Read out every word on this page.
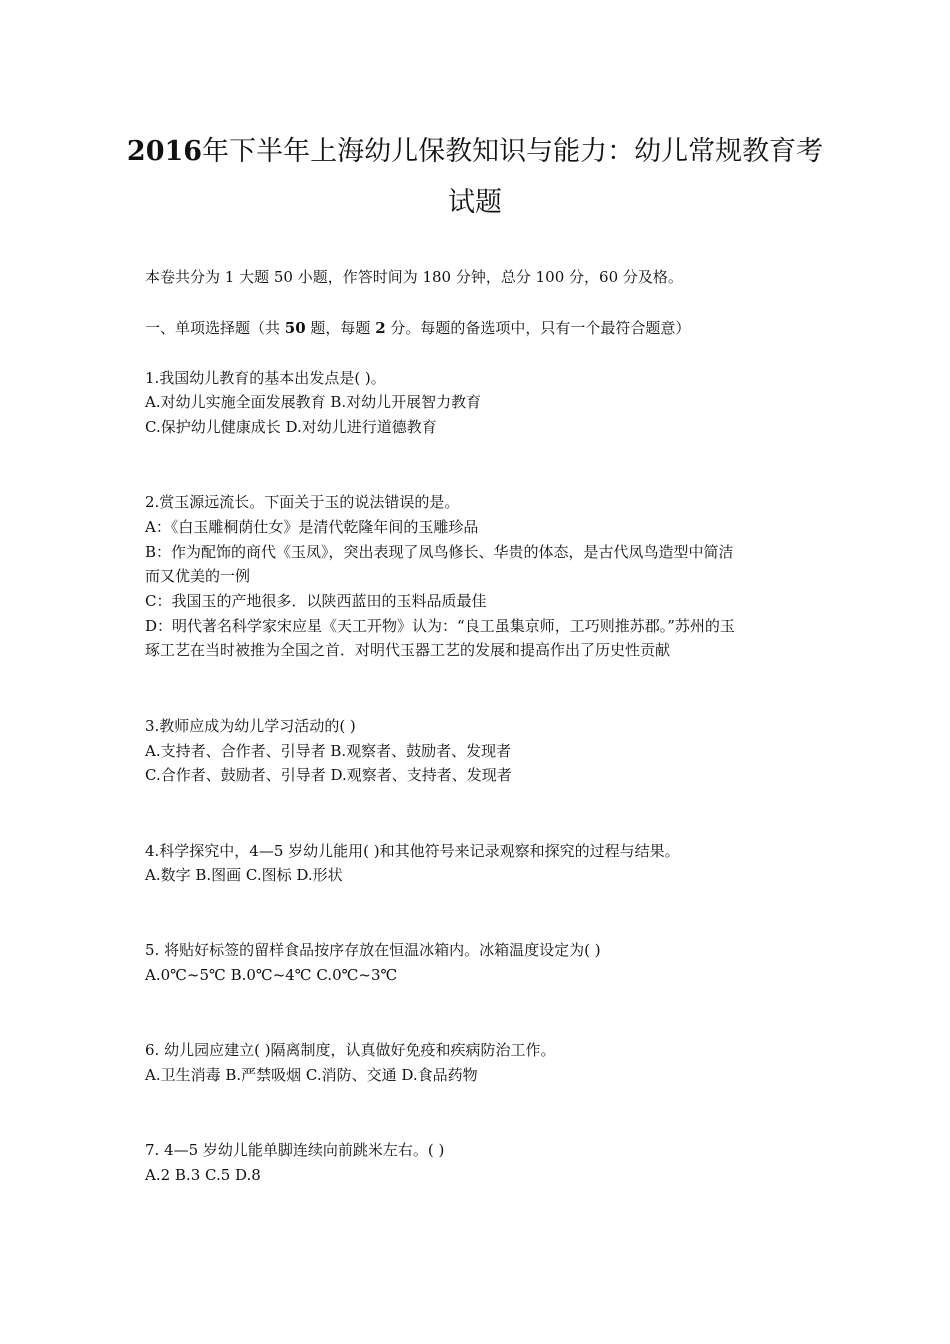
2016年下半年上海幼儿保教知识与能力：幼儿常规教育考
试题

本卷共分为 1 大题 50 小题，作答时间为 180 分钟，总分 100 分，60 分及格。

一、单项选择题（共 50 题，每题 2 分。每题的备选项中，只有一个最符合题意）

1.我国幼儿教育的基本出发点是( )。

A.对幼儿实施全面发展教育 B.对幼儿开展智力教育

C.保护幼儿健康成长 D.对幼儿进行道德教育

2.赏玉源远流长。下面关于玉的说法错误的是。

A：《白玉雕桐荫仕女》是清代乾隆年间的玉雕珍品

B：作为配饰的商代《玉凤》，突出表现了凤鸟修长、华贵的体态，是古代凤鸟造型中简洁

而又优美的一例

C：我国玉的产地很多．以陕西蓝田的玉料品质最佳

D：明代著名科学家宋应星《天工开物》认为：“良工虽集京师，工巧则推苏郡。”苏州的玉

琢工艺在当时被推为全国之首．对明代玉器工艺的发展和提高作出了历史性贡献

3.教师应成为幼儿学习活动的( )

A.支持者、合作者、引导者 B.观察者、鼓励者、发现者

C.合作者、鼓励者、引导者 D.观察者、支持者、发现者

4.科学探究中，4—5 岁幼儿能用( )和其他符号来记录观察和探究的过程与结果。

A.数字 B.图画 C.图标 D.形状

5. 将贴好标签的留样食品按序存放在恒温冰箱内。冰箱温度设定为( )

A.0℃~5℃ B.0℃~4℃ C.0℃~3℃

6. 幼儿园应建立( )隔离制度，认真做好免疫和疾病防治工作。

A.卫生消毒 B.严禁吸烟 C.消防、交通 D.食品药物

7. 4—5 岁幼儿能单脚连续向前跳米左右。( )

A.2 B.3 C.5 D.8
